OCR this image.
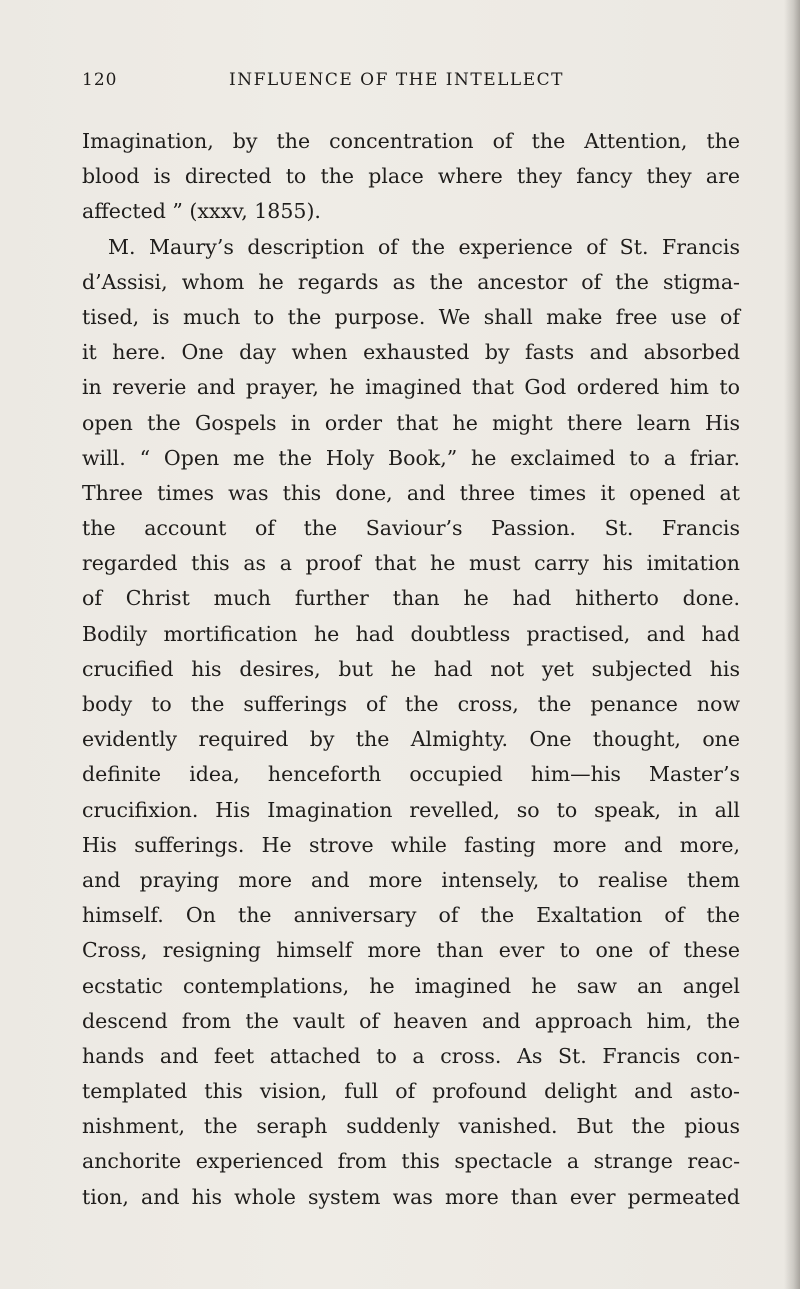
120	INFLUENCE OF THE INTELLECT
Imagination, by the concentration of the Attention, the
blood is directed to the place where they fancy they are
affected ” (xxxv, 1855).
M. Maury’s description of the experience of St. Francis
d’Assisi, whom he regards as the ancestor of the stigma-
tised, is much to the purpose. We shall make free use of
it here. One day when exhausted by fasts and absorbed
in reverie and prayer, he imagined that God ordered him to
open the Gospels in order that he might there learn His
will. “ Open me the Holy Book,” he exclaimed to a friar.
Three times was this done, and three times it opened at
the account of the Saviour’s Passion. St. Francis
regarded this as a proof that he must carry his imitation
of Christ much further than he had hitherto done.
Bodily mortification he had doubtless practised, and had
crucified his desires, but he had not yet subjected his
body to the sufferings of the cross, the penance now
evidently required by the Almighty. One thought, one
definite idea, henceforth occupied him—his Master’s
crucifixion. His Imagination revelled, so to speak, in all
His sufferings. He strove while fasting more and more,
and praying more and more intensely, to realise them
himself. On the anniversary of the Exaltation of the
Cross, resigning himself more than ever to one of these
ecstatic contemplations, he imagined he saw an angel
descend from the vault of heaven and approach him, the
hands and feet attached to a cross. As St. Francis con-
templated this vision, full of profound delight and asto-
nishment, the seraph suddenly vanished. But the pious
anchorite experienced from this spectacle a strange reac-
tion, and his whole system was more than ever permeated
